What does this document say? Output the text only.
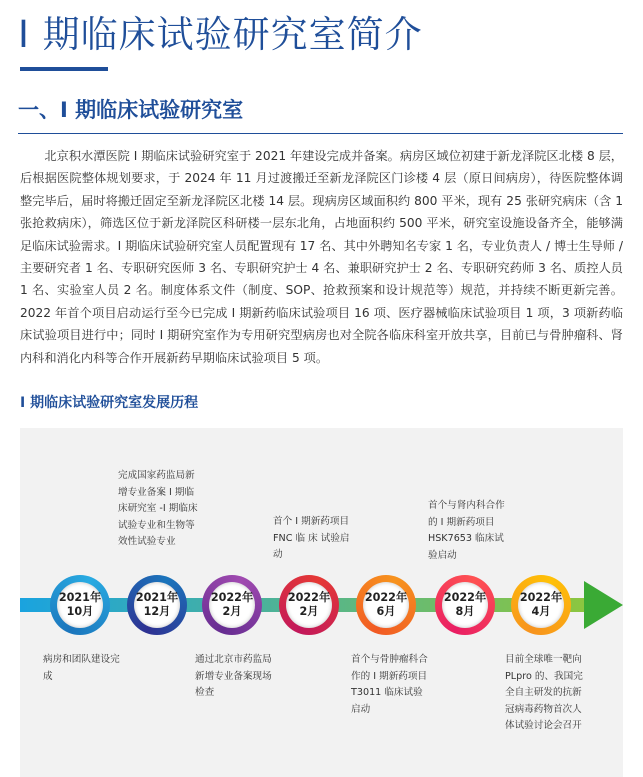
I 期临床试验研究室简介
一、I 期临床试验研究室

北京积水潭医院 I 期临床试验研究室于 2021 年建设完成并备案。病房区域位初建于新龙泽院区北楼 8 层，后根据医院整体规划要求，于 2024 年 11 月过渡搬迁至新龙泽院区门诊楼 4 层（原日间病房），待医院整体调整完毕后，届时将搬迁固定至新龙泽院区北楼 14 层。现病房区域面积约 800 平米，现有 25 张研究病床（含 1 张抢救病床），筛选区位于新龙泽院区科研楼一层东北角，占地面积约 500 平米，研究室设施设备齐全，能够满足临床试验需求。I 期临床试验研究室人员配置现有 17 名、其中外聘知名专家 1 名，专业负责人 / 博士生导师 / 主要研究者 1 名、专职研究医师 3 名、专职研究护士 4 名、兼职研究护士 2 名、专职研究药师 3 名、质控人员 1 名、实验室人员 2 名。制度体系文件（制度、SOP、抢救预案和设计规范等）规范，并持续不断更新完善。2022 年首个项目启动运行至今已完成 I 期新药临床试验项目 16 项、医疗器械临床试验项目 1 项，3 项新药临床试验项目进行中；同时 I 期研究室作为专用研究型病房也对全院各临床科室开放共享，目前已与骨肿瘤科、肾内科和消化内科等合作开展新药早期临床试验项目 5 项。

I 期临床试验研究室发展历程
2021年
10月

病房和团队建设完成

2021年
12月

完成国家药监局新增专业备案 I 期临床研究室 -I 期临床试验专业和生物等效性试验专业

2022年
2月

通过北京市药监局新增专业备案现场检查

2022年
2月

首个 I 期新药项目 FNC 临 床 试验启动

2022年
6月

首个与骨肿瘤科合作的 I 期新药项目 T3011 临床试验启动

2022年
8月

首个与肾内科合作的 I 期新药项目 HSK7653 临床试验启动

2022年
4月

目前全球唯一靶向 PLpro 的、我国完全自主研发的抗新冠病毒药物首次人体试验讨论会召开
